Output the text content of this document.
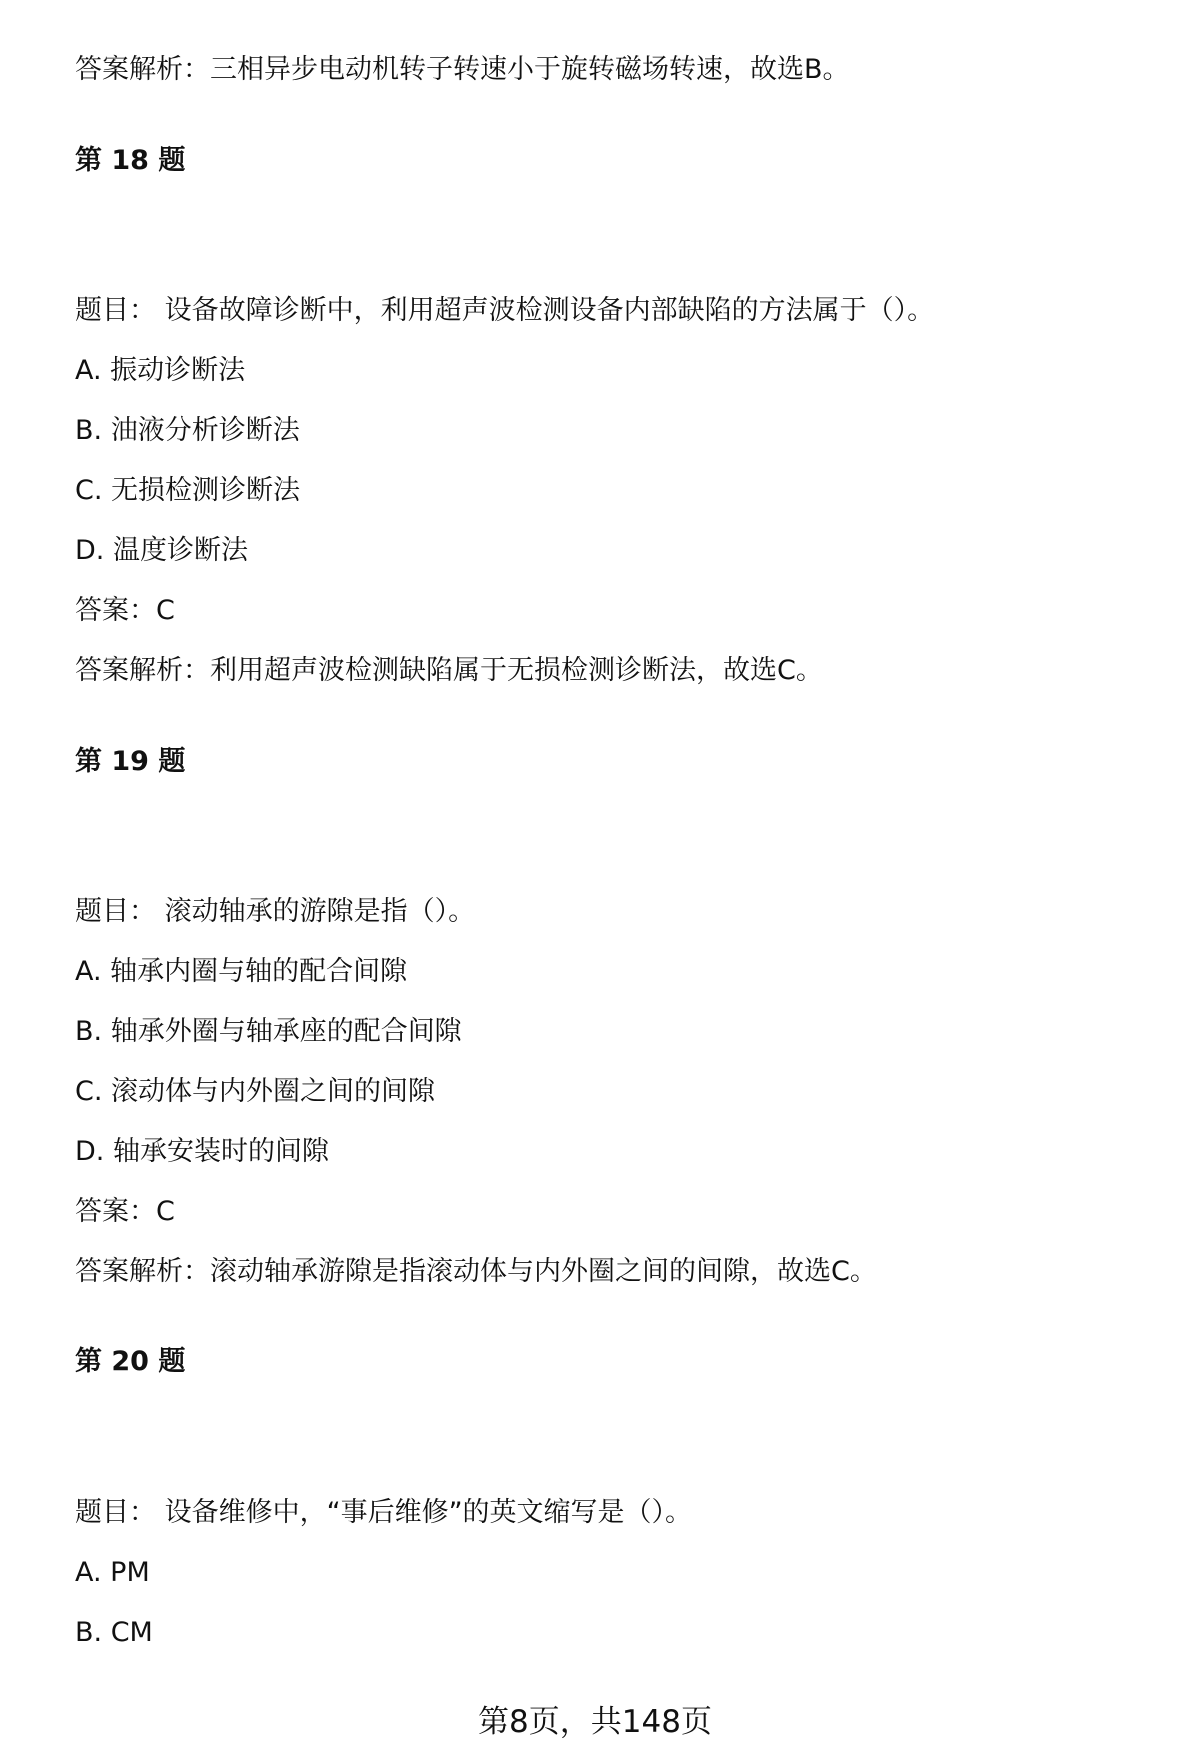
答案解析：三相异步电动机转子转速小于旋转磁场转速，故选B。
第 18 题
题目： 设备故障诊断中，利用超声波检测设备内部缺陷的方法属于（）。
A. 振动诊断法
B. 油液分析诊断法
C. 无损检测诊断法
D. 温度诊断法
答案：C
答案解析：利用超声波检测缺陷属于无损检测诊断法，故选C。
第 19 题
题目： 滚动轴承的游隙是指（）。
A. 轴承内圈与轴的配合间隙
B. 轴承外圈与轴承座的配合间隙
C. 滚动体与内外圈之间的间隙
D. 轴承安装时的间隙
答案：C
答案解析：滚动轴承游隙是指滚动体与内外圈之间的间隙，故选C。
第 20 题
题目： 设备维修中，“事后维修”的英文缩写是（）。
A. PM
B. CM
第8页，共148页
